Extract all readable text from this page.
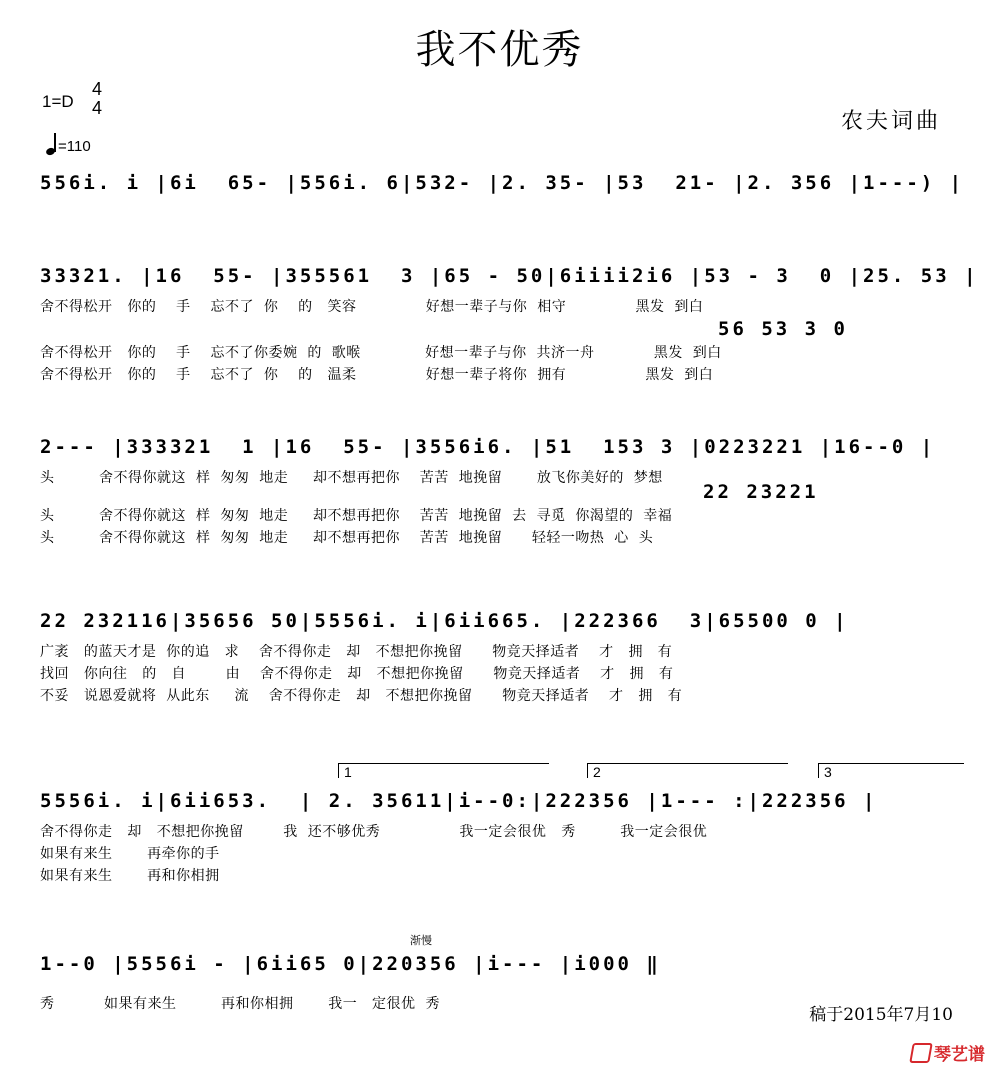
我不优秀
1=D
4
4
=110
农夫词曲
556i. i |6i  65- |556i. 6|532- |2. 35- |53  21- |2. 356 |1---) |
33321. |16  55- |355561  3 |65 - 50|6iiii2i6 |53 - 3  0 |25. 53 |
舍不得松开   你的    手    忘不了  你    的   笑容              好想一辈子与你  相守              黑发  到白
56 53 3 0
舍不得松开   你的    手    忘不了你委婉  的  歌喉             好想一辈子与你  共济一舟            黑发  到白
舍不得松开   你的    手    忘不了  你    的   温柔              好想一辈子将你  拥有                黑发  到白
2--- |333321  1 |16  55- |3556i6. |51  153 3 |0223221 |16--0 |
头         舍不得你就这  样  匆匆  地走     却不想再把你    苦苦  地挽留       放飞你美好的  梦想
22 23221
头         舍不得你就这  样  匆匆  地走     却不想再把你    苦苦  地挽留  去  寻觅  你渴望的  幸福
头         舍不得你就这  样  匆匆  地走     却不想再把你    苦苦  地挽留      轻轻一吻热  心  头
22 232116|35656 50|5556i. i|6ii665. |222366  3|65500 0 |
广袤   的蓝天才是  你的追   求    舍不得你走   却   不想把你挽留      物竞天择适者    才   拥   有
找回   你向往   的   自        由    舍不得你走   却   不想把你挽留      物竞天择适者    才   拥   有
不妥   说恩爱就将  从此东     流    舍不得你走   却   不想把你挽留      物竞天择适者    才   拥   有
1	2	3
5556i. i|6ii653.  | 2. 35611|i--0:|222356 |1--- :|222356 |
舍不得你走   却   不想把你挽留        我  还不够优秀                我一定会很优   秀         我一定会很优
如果有来生       再牵你的手
如果有来生       再和你相拥
渐慢
1--0 |5556i - |6ii65 0|220356 |i--- |i000 ‖
秀          如果有来生         再和你相拥       我一   定很优  秀
稿于2015年7月10
琴艺谱
